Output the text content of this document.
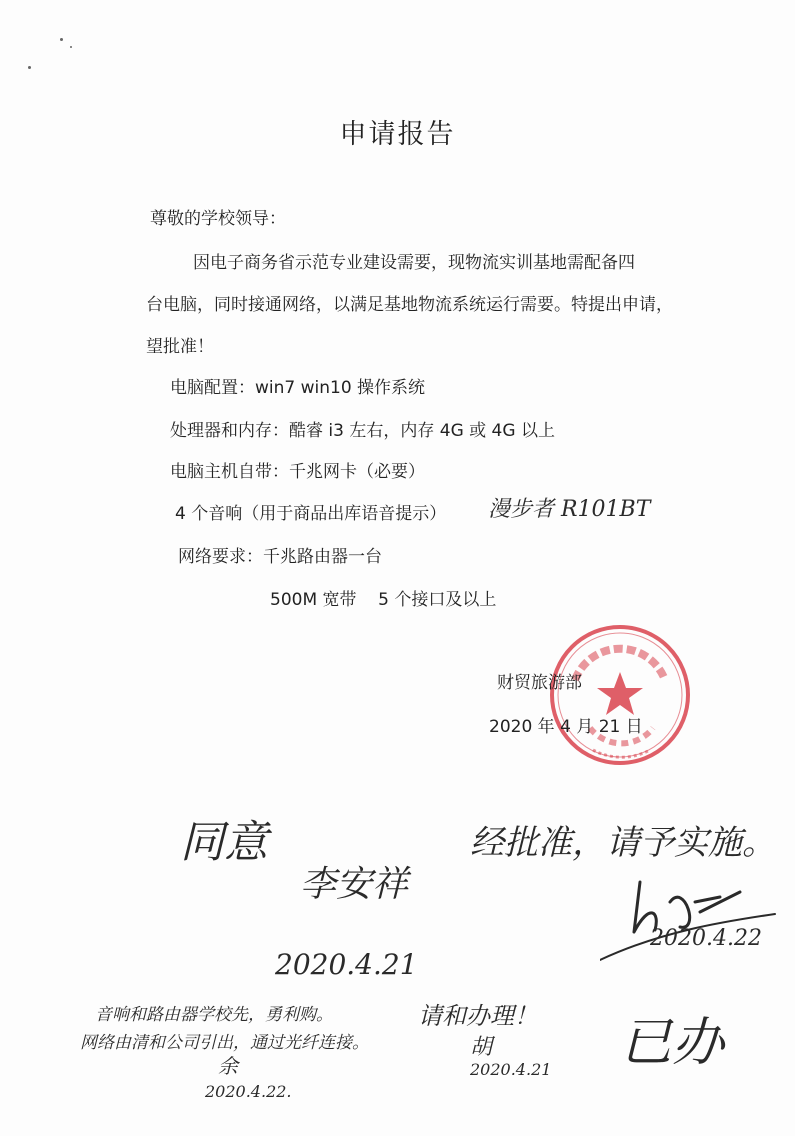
申请报告
尊敬的学校领导：
因电子商务省示范专业建设需要，现物流实训基地需配备四
台电脑，同时接通网络，以满足基地物流系统运行需要。特提出申请，
望批准！
电脑配置：win7 win10 操作系统
处理器和内存：酷睿 i3 左右，内存 4G 或 4G 以上
电脑主机自带：千兆网卡（必要）
4 个音响（用于商品出库语音提示） 漫步者 R101BT
网络要求：千兆路由器一台
500M 宽带    5 个接口及以上
财贸旅游部
2020 年 4 月 21 日
同意
李安祥
2020.4.21
经批准，请予实施。
2020.4.22
音响和路由器学校先，勇利购。
网络由清和公司引出，通过光纤连接。
余
2020.4.22.
请和办理！
胡
2020.4.21 已办
